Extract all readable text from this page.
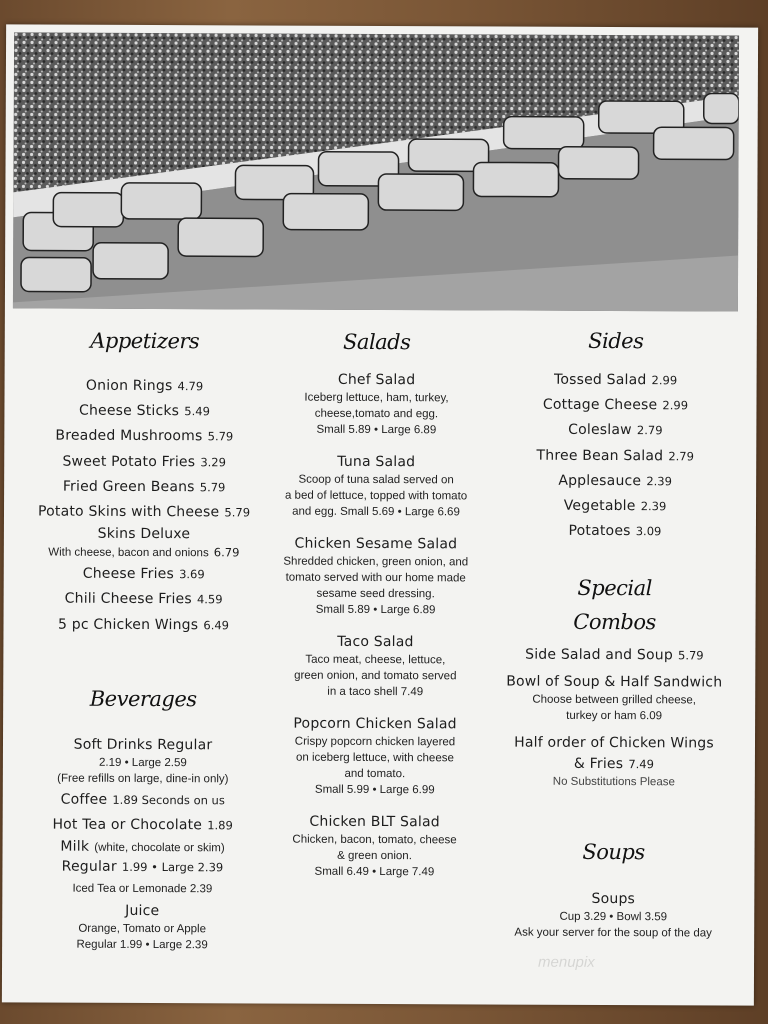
Appetizers
Onion Rings 4.79
Cheese Sticks 5.49
Breaded Mushrooms 5.79
Sweet Potato Fries 3.29
Fried Green Beans 5.79
Potato Skins with Cheese 5.79
Skins Deluxe
With cheese, bacon and onions 6.79
Cheese Fries 3.69
Chili Cheese Fries 4.59
5 pc Chicken Wings 6.49
Beverages
Soft Drinks Regular
2.19 • Large 2.59
(Free refills on large, dine-in only)
Coffee 1.89 Seconds on us
Hot Tea or Chocolate 1.89
Milk (white, chocolate or skim)
Regular 1.99 • Large 2.39
Iced Tea or Lemonade 2.39
Juice
Orange, Tomato or Apple
Regular 1.99 • Large 2.39
Salads
Chef Salad
Iceberg lettuce, ham, turkey,
cheese,tomato and egg.
Small 5.89 • Large 6.89
Tuna Salad
Scoop of tuna salad served on
a bed of lettuce, topped with tomato
and egg. Small 5.69 • Large 6.69
Chicken Sesame Salad
Shredded chicken, green onion, and
tomato served with our home made
sesame seed dressing.
Small 5.89 • Large 6.89
Taco Salad
Taco meat, cheese, lettuce,
green onion, and tomato served
in a taco shell 7.49
Popcorn Chicken Salad
Crispy popcorn chicken layered
on iceberg lettuce, with cheese
and tomato.
Small 5.99 • Large 6.99
Chicken BLT Salad
Chicken, bacon, tomato, cheese
& green onion.
Small 6.49 • Large 7.49
Sides
Tossed Salad 2.99
Cottage Cheese 2.99
Coleslaw 2.79
Three Bean Salad 2.79
Applesauce 2.39
Vegetable 2.39
Potatoes 3.09
Special
Combos
Side Salad and Soup 5.79
Bowl of Soup & Half Sandwich
Choose between grilled cheese,
turkey or ham 6.09
Half order of Chicken Wings
& Fries 7.49
No Substitutions Please
Soups
Soups
Cup 3.29 • Bowl 3.59
Ask your server for the soup of the day
menupix
